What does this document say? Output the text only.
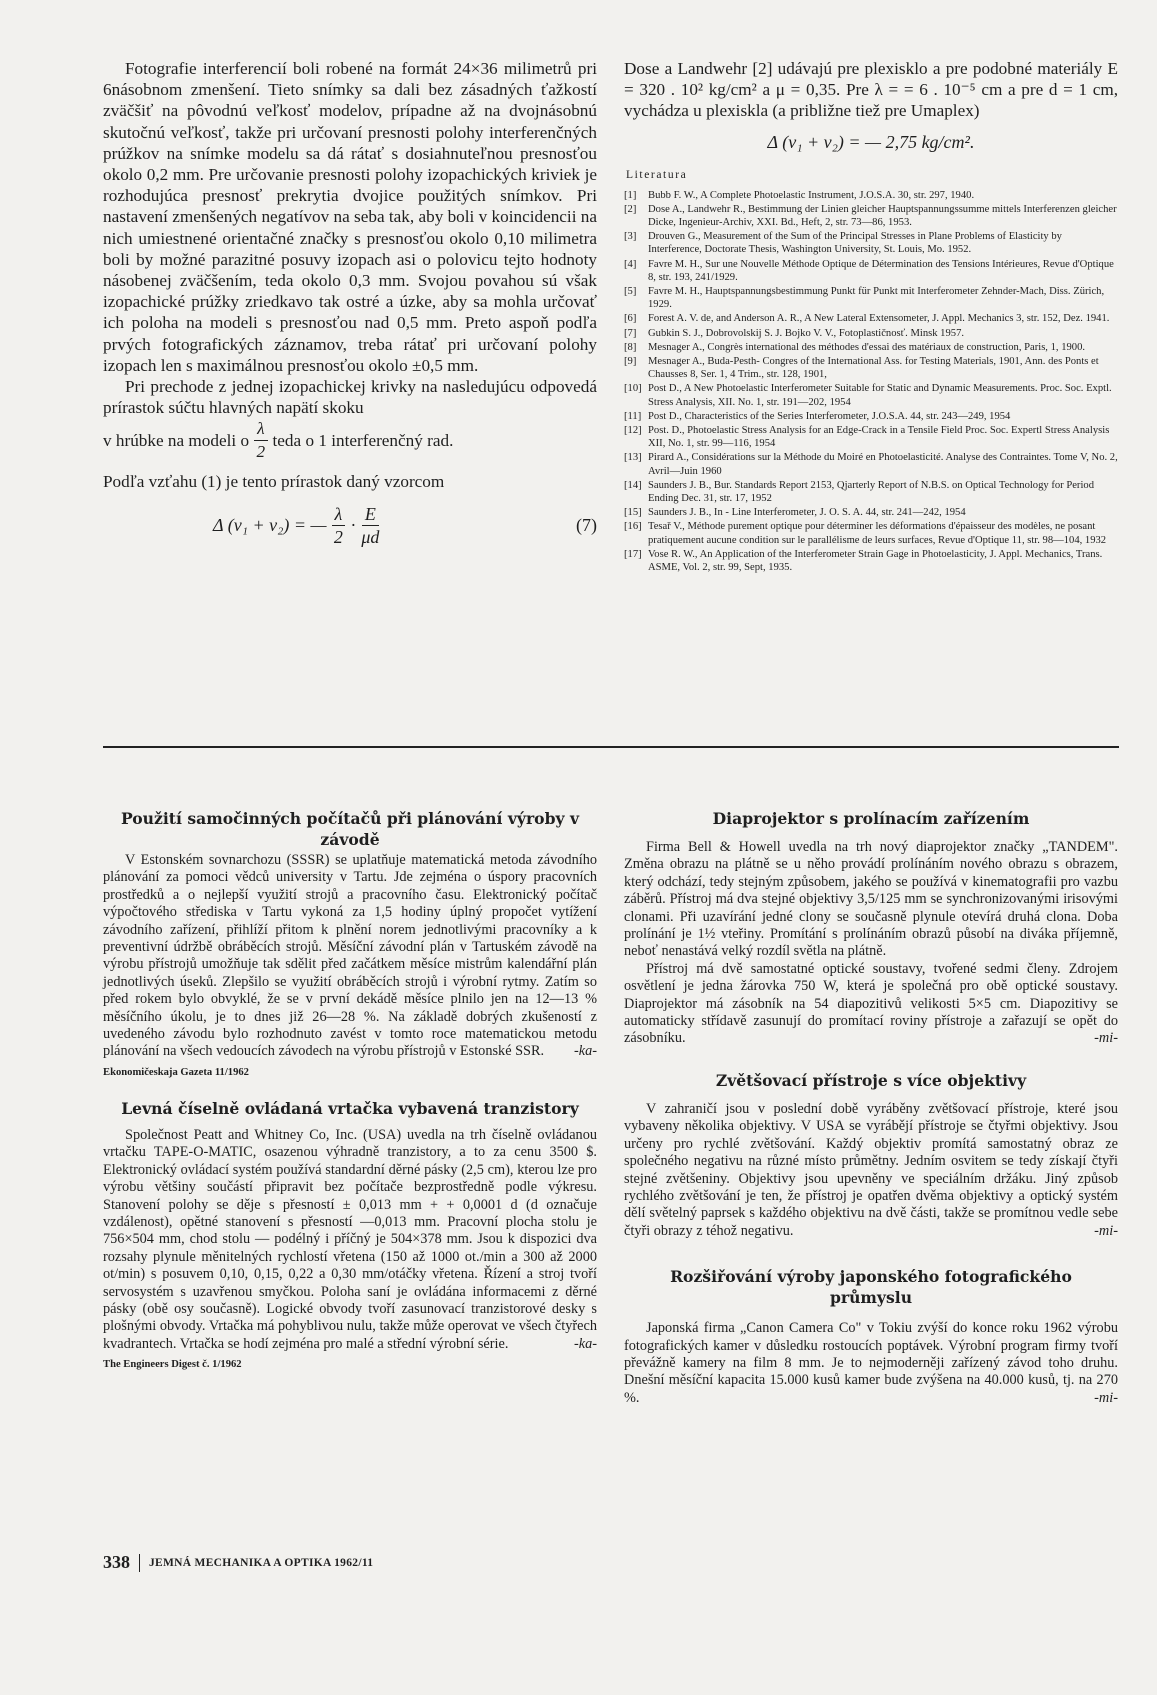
Fotografie interferencií boli robené na formát 24×36 milimetrů pri 6násobnom zmenšení. Tieto snímky sa dali bez zásadných ťažkostí zväčšiť na pôvodnú veľkosť modelov, prípadne až na dvojnásobnú skutočnú veľkosť, takže pri určovaní presnosti polohy interferenčných prúžkov na snímke modelu sa dá rátať s dosiahnuteľnou presnosťou okolo 0,2 mm. Pre určovanie presnosti polohy izopachických kriviek je rozhodujúca presnosť prekrytia dvojice použitých snímkov. Pri nastavení zmenšených negatívov na seba tak, aby boli v koincidencii na nich umiestnené orientačné značky s presnosťou okolo 0,10 milimetra boli by možné parazitné posuvy izopach asi o polovicu tejto hodnoty násobenej zväčšením, teda okolo 0,3 mm. Svojou povahou sú však izopachické prúžky zriedkavo tak ostré a úzke, aby sa mohla určovať ich poloha na modeli s presnosťou nad 0,5 mm. Preto aspoň podľa prvých fotografických záznamov, treba rátať pri určovaní polohy izopach len s maximálnou presnosťou okolo ±0,5 mm.

Pri prechode z jednej izopachickej krivky na nasledujúcu odpovedá prírastok súčtu hlavných napätí skoku

v hrúbke na modeli o $\frac{\lambda}{2}$ teda o 1 interferenčný rad.

Podľa vzťahu (1) je tento prírastok daný vzorcom

Δ (ν₁ + ν₂) = — $\frac{\lambda}{2} \cdot \frac{E}{\mu d}$	(7)

Dose a Landwehr [2] udávajú pre plexisklo a pre podobné materiály E = 320 . 10² kg/cm² a μ = 0,35. Pre λ = = 6 . 10⁻⁵ cm a pre d = 1 cm, vychádza u plexiskla (a približne tiež pre Umaplex)

Δ (ν₁ + ν₂) = — 2,75 kg/cm².
Literatura
[1]	Bubb F. W., A Complete Photoelastic Instrument, J.O.S.A. 30, str. 297, 1940.
[2]	Dose A., Landwehr R., Bestimmung der Linien gleicher Hauptspannungssumme mittels Interferenzen gleicher Dicke, Ingenieur-Archiv, XXI. Bd., Heft, 2, str. 73—86, 1953.
[3]	Drouven G., Measurement of the Sum of the Principal Stresses in Plane Problems of Elasticity by Interference, Doctorate Thesis, Washington University, St. Louis, Mo. 1952.
[4]	Favre M. H., Sur une Nouvelle Méthode Optique de Détermination des Tensions Intérieures, Revue d'Optique 8, str. 193, 241/1929.
[5]	Favre M. H., Hauptspannungsbestimmung Punkt für Punkt mit Interferometer Zehnder-Mach, Diss. Zürich, 1929.
[6]	Forest A. V. de, and Anderson A. R., A New Lateral Extensometer, J. Appl. Mechanics 3, str. 152, Dez. 1941.
[7]	Gubkin S. J., Dobrovolskij S. J. Bojko V. V., Fotoplastičnosť. Minsk 1957.
[8]	Mesnager A., Congrès international des méthodes d'essai des matériaux de construction, Paris, 1, 1900.
[9]	Mesnager A., Buda-Pesth- Congres of the International Ass. for Testing Materials, 1901, Ann. des Ponts et Chausses 8, Ser. 1, 4 Trim., str. 128, 1901,
[10] Post D., A New Photoelastic Interferometer Suitable for Static and Dynamic Measurements. Proc. Soc. Exptl. Stress Analysis, XII. No. 1, str. 191—202, 1954
[11] Post D., Characteristics of the Series Interferometer, J.O.S.A. 44, str. 243—249, 1954
[12] Post. D., Photoelastic Stress Analysis for an Edge-Crack in a Tensile Field Proc. Soc. Expertl Stress Analysis XII, No. 1, str. 99—116, 1954
[13] Pirard A., Considérations sur la Méthode du Moiré en Photoelasticité. Analyse des Contraintes. Tome V, No. 2, Avril—Juin 1960
[14] Saunders J. B., Bur. Standards Report 2153, Qjarterly Report of N.B.S. on Optical Technology for Period Ending Dec. 31, str. 17, 1952
[15] Saunders J. B., In - Line Interferometer, J. O. S. A. 44, str. 241—242, 1954
[16] Tesař V., Méthode purement optique pour déterminer les déformations d'épaisseur des modèles, ne posant pratiquement aucune condition sur le parallélisme de leurs surfaces, Revue d'Optique 11, str. 98—104, 1932
[17] Vose R. W., An Application of the Interferometer Strain Gage in Photoelasticity, J. Appl. Mechanics, Trans. ASME, Vol. 2, str. 99, Sept, 1935.
Použití samočinných počítačů při plánování výroby v závodě

V Estonském sovnarchozu (SSSR) se uplatňuje matematická metoda závodního plánování za pomoci vědců university v Tartu. Jde zejména o úspory pracovních prostředků a o nejlepší využití strojů a pracovního času. Elektronický počítač výpočtového střediska v Tartu vykoná za 1,5 hodiny úplný propočet vytížení závodního zařízení, přihlíží přitom k plnění norem jednotlivými pracovníky a k preventivní údržbě obráběcích strojů. Měsíční závodní plán v Tartuském závodě na výrobu přístrojů umožňuje tak sdělit před začátkem měsíce mistrům kalendářní plán jednotlivých úseků. Zlepšilo se využití obráběcích strojů i výrobní rytmy. Zatím so před rokem bylo obvyklé, že se v první dekádě měsíce plnilo jen na 12—13 % měsíčního úkolu, je to dnes již 26—28 %. Na základě dobrých zkušeností z uvedeného závodu bylo rozhodnuto zavést v tomto roce matematickou metodu plánování na všech vedoucích závodech na výrobu přístrojů v Estonské SSR.	-ka-

Ekonomičeskaja Gazeta 11/1962
Levná číselně ovládaná vrtačka vybavená tranzistory

Společnost Peatt and Whitney Co, Inc. (USA) uvedla na trh číselně ovládanou vrtačku TAPE-O-MATIC, osazenou výhradně tranzistory, a to za cenu 3500 $. Elektronický ovládací systém používá standardní děrné pásky (2,5 cm), kterou lze pro výrobu většiny součástí připravit bez počítače bezprostředně podle výkresu. Stanovení polohy se děje s přesností ± 0,013 mm + + 0,0001 d (d označuje vzdálenost), opětné stanovení s přesností —0,013 mm. Pracovní plocha stolu je 756×504 mm, chod stolu — podélný i příčný je 504×378 mm. Jsou k dispozici dva rozsahy plynule měnitelných rychlostí vřetena (150 až 1000 ot./min a 300 až 2000 ot/min) s posuvem 0,10, 0,15, 0,22 a 0,30 mm/otáčky vřetena. Řízení a stroj tvoří servosystém s uzavřenou smyčkou. Poloha saní je ovládána informacemi z děrné pásky (obě osy současně). Logické obvody tvoří zasunovací tranzistorové desky s plošnými obvody. Vrtačka má pohyblivou nulu, takže může operovat ve všech čtyřech kvadrantech. Vrtačka se hodí zejména pro malé a střední výrobní série.	-ka-

The Engineers Digest č. 1/1962
Diaprojektor s prolínacím zařízením

Firma Bell & Howell uvedla na trh nový diaprojektor značky „TANDEM". Změna obrazu na plátně se u něho provádí prolínáním nového obrazu s obrazem, který odchází, tedy stejným způsobem, jakého se používá v kinematografii pro vazbu záběrů. Přístroj má dva stejné objektivy 3,5/125 mm se synchronizovanými irisovými clonami. Při uzavírání jedné clony se současně plynule otevírá druhá clona. Doba prolínání je 1½ vteřiny. Promítání s prolínáním obrazů působí na diváka příjemně, neboť nenastává velký rozdíl světla na plátně.

Přístroj má dvě samostatné optické soustavy, tvořené sedmi členy. Zdrojem osvětlení je jedna žárovka 750 W, která je společná pro obě optické soustavy. Diaprojektor má zásobník na 54 diapozitivů velikosti 5×5 cm. Diapozitivy se automaticky střídavě zasunují do promítací roviny přístroje a zařazují se opět do zásobníku.	-mi-

Zvětšovací přístroje s více objektivy

V zahraničí jsou v poslední době vyráběny zvětšovací přístroje, které jsou vybaveny několika objektivy. V USA se vyrábějí přístroje se čtyřmi objektivy. Jsou určeny pro rychlé zvětšování. Každý objektiv promítá samostatný obraz ze společného negativu na různé místo průmětny. Jedním osvitem se tedy získají čtyři stejné zvětšeniny. Objektivy jsou upevněny ve speciálním držáku. Jiný způsob rychlého zvětšování je ten, že přístroj je opatřen dvěma objektivy a optický systém dělí světelný paprsek s každého objektivu na dvě části, takže se promítnou vedle sebe čtyři obrazy z téhož negativu.	-mi-

Rozšiřování výroby japonského fotografického průmyslu

Japonská firma „Canon Camera Co" v Tokiu zvýší do konce roku 1962 výrobu fotografických kamer v důsledku rostoucích poptávek. Výrobní program firmy tvoří převážně kamery na film 8 mm. Je to nejmoderněji zařízený závod toho druhu. Dnešní měsíční kapacita 15.000 kusů kamer bude zvýšena na 40.000 kusů, tj. na 270 %.	-mi-

338 JEMNÁ MECHANIKA A OPTIKA 1962/11
